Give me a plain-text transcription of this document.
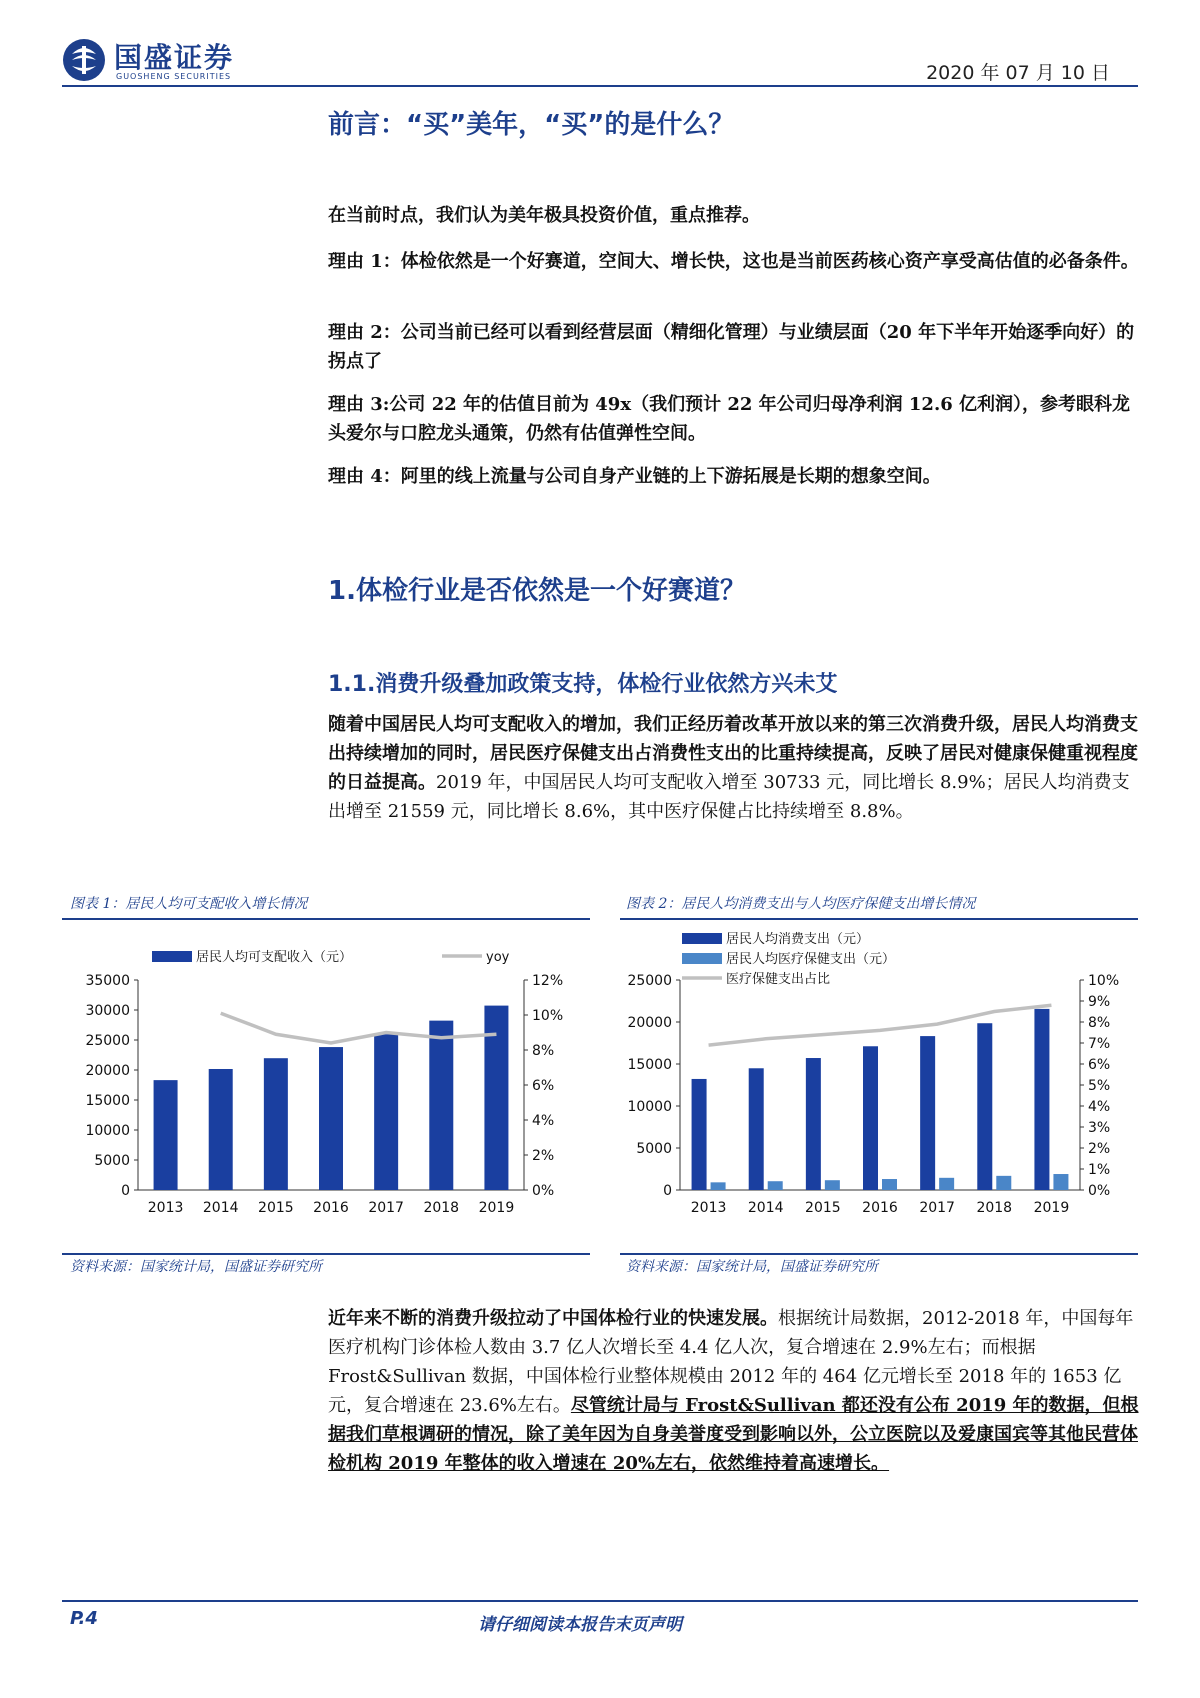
国盛证券
GUOSHENG SECURITIES	2020 年 07 月 10 日
前言：“买”美年，“买”的是什么？
在当前时点，我们认为美年极具投资价值，重点推荐。
理由 1：体检依然是一个好赛道，空间大、增长快，这也是当前医药核心资产享受高估值的必备条件。
理由 2：公司当前已经可以看到经营层面（精细化管理）与业绩层面（20 年下半年开始逐季向好）的拐点了
理由 3:公司 22 年的估值目前为 49x（我们预计 22 年公司归母净利润 12.6 亿利润），参考眼科龙头爱尔与口腔龙头通策，仍然有估值弹性空间。
理由 4：阿里的线上流量与公司自身产业链的上下游拓展是长期的想象空间。
1.体检行业是否依然是一个好赛道？
1.1.消费升级叠加政策支持，体检行业依然方兴未艾
随着中国居民人均可支配收入的增加，我们正经历着改革开放以来的第三次消费升级，居民人均消费支出持续增加的同时，居民医疗保健支出占消费性支出的比重持续提高，反映了居民对健康保健重视程度的日益提高。2019 年，中国居民人均可支配收入增至 30733 元，同比增长 8.9%；居民人均消费支出增至 21559 元，同比增长 8.6%，其中医疗保健占比持续增至 8.8%。
图表 1：居民人均可支配收入增长情况	图表 2：居民人均消费支出与人均医疗保健支出增长情况
0
5000
10000
15000
20000
25000
30000
35000
0%
2%
4%
6%
8%
10%
12%
2013 2014 2015 2016 2017 2018 2019
居民人均可支配收入（元）	yoy
0
5000
10000
15000
20000
25000
0%
1%
2%
3%
4%
5%
6%
7%
8%
9%
10%
2013 2014 2015 2016 2017 2018 2019
居民人均消费支出（元）
居民人均医疗保健支出（元）
医疗保健支出占比
资料来源：国家统计局，国盛证券研究所	资料来源：国家统计局，国盛证券研究所
近年来不断的消费升级拉动了中国体检行业的快速发展。根据统计局数据，2012-2018 年，中国每年医疗机构门诊体检人数由 3.7 亿人次增长至 4.4 亿人次，复合增速在 2.9%左右；而根据 Frost&Sullivan 数据，中国体检行业整体规模由 2012 年的 464 亿元增长至 2018 年的 1653 亿元，复合增速在 23.6%左右。尽管统计局与 Frost&Sullivan 都还没有公布 2019 年的数据，但根据我们草根调研的情况，除了美年因为自身美誉度受到影响以外，公立医院以及爱康国宾等其他民营体检机构 2019 年整体的收入增速在 20%左右，依然维持着高速增长。
P.4	请仔细阅读本报告末页声明
